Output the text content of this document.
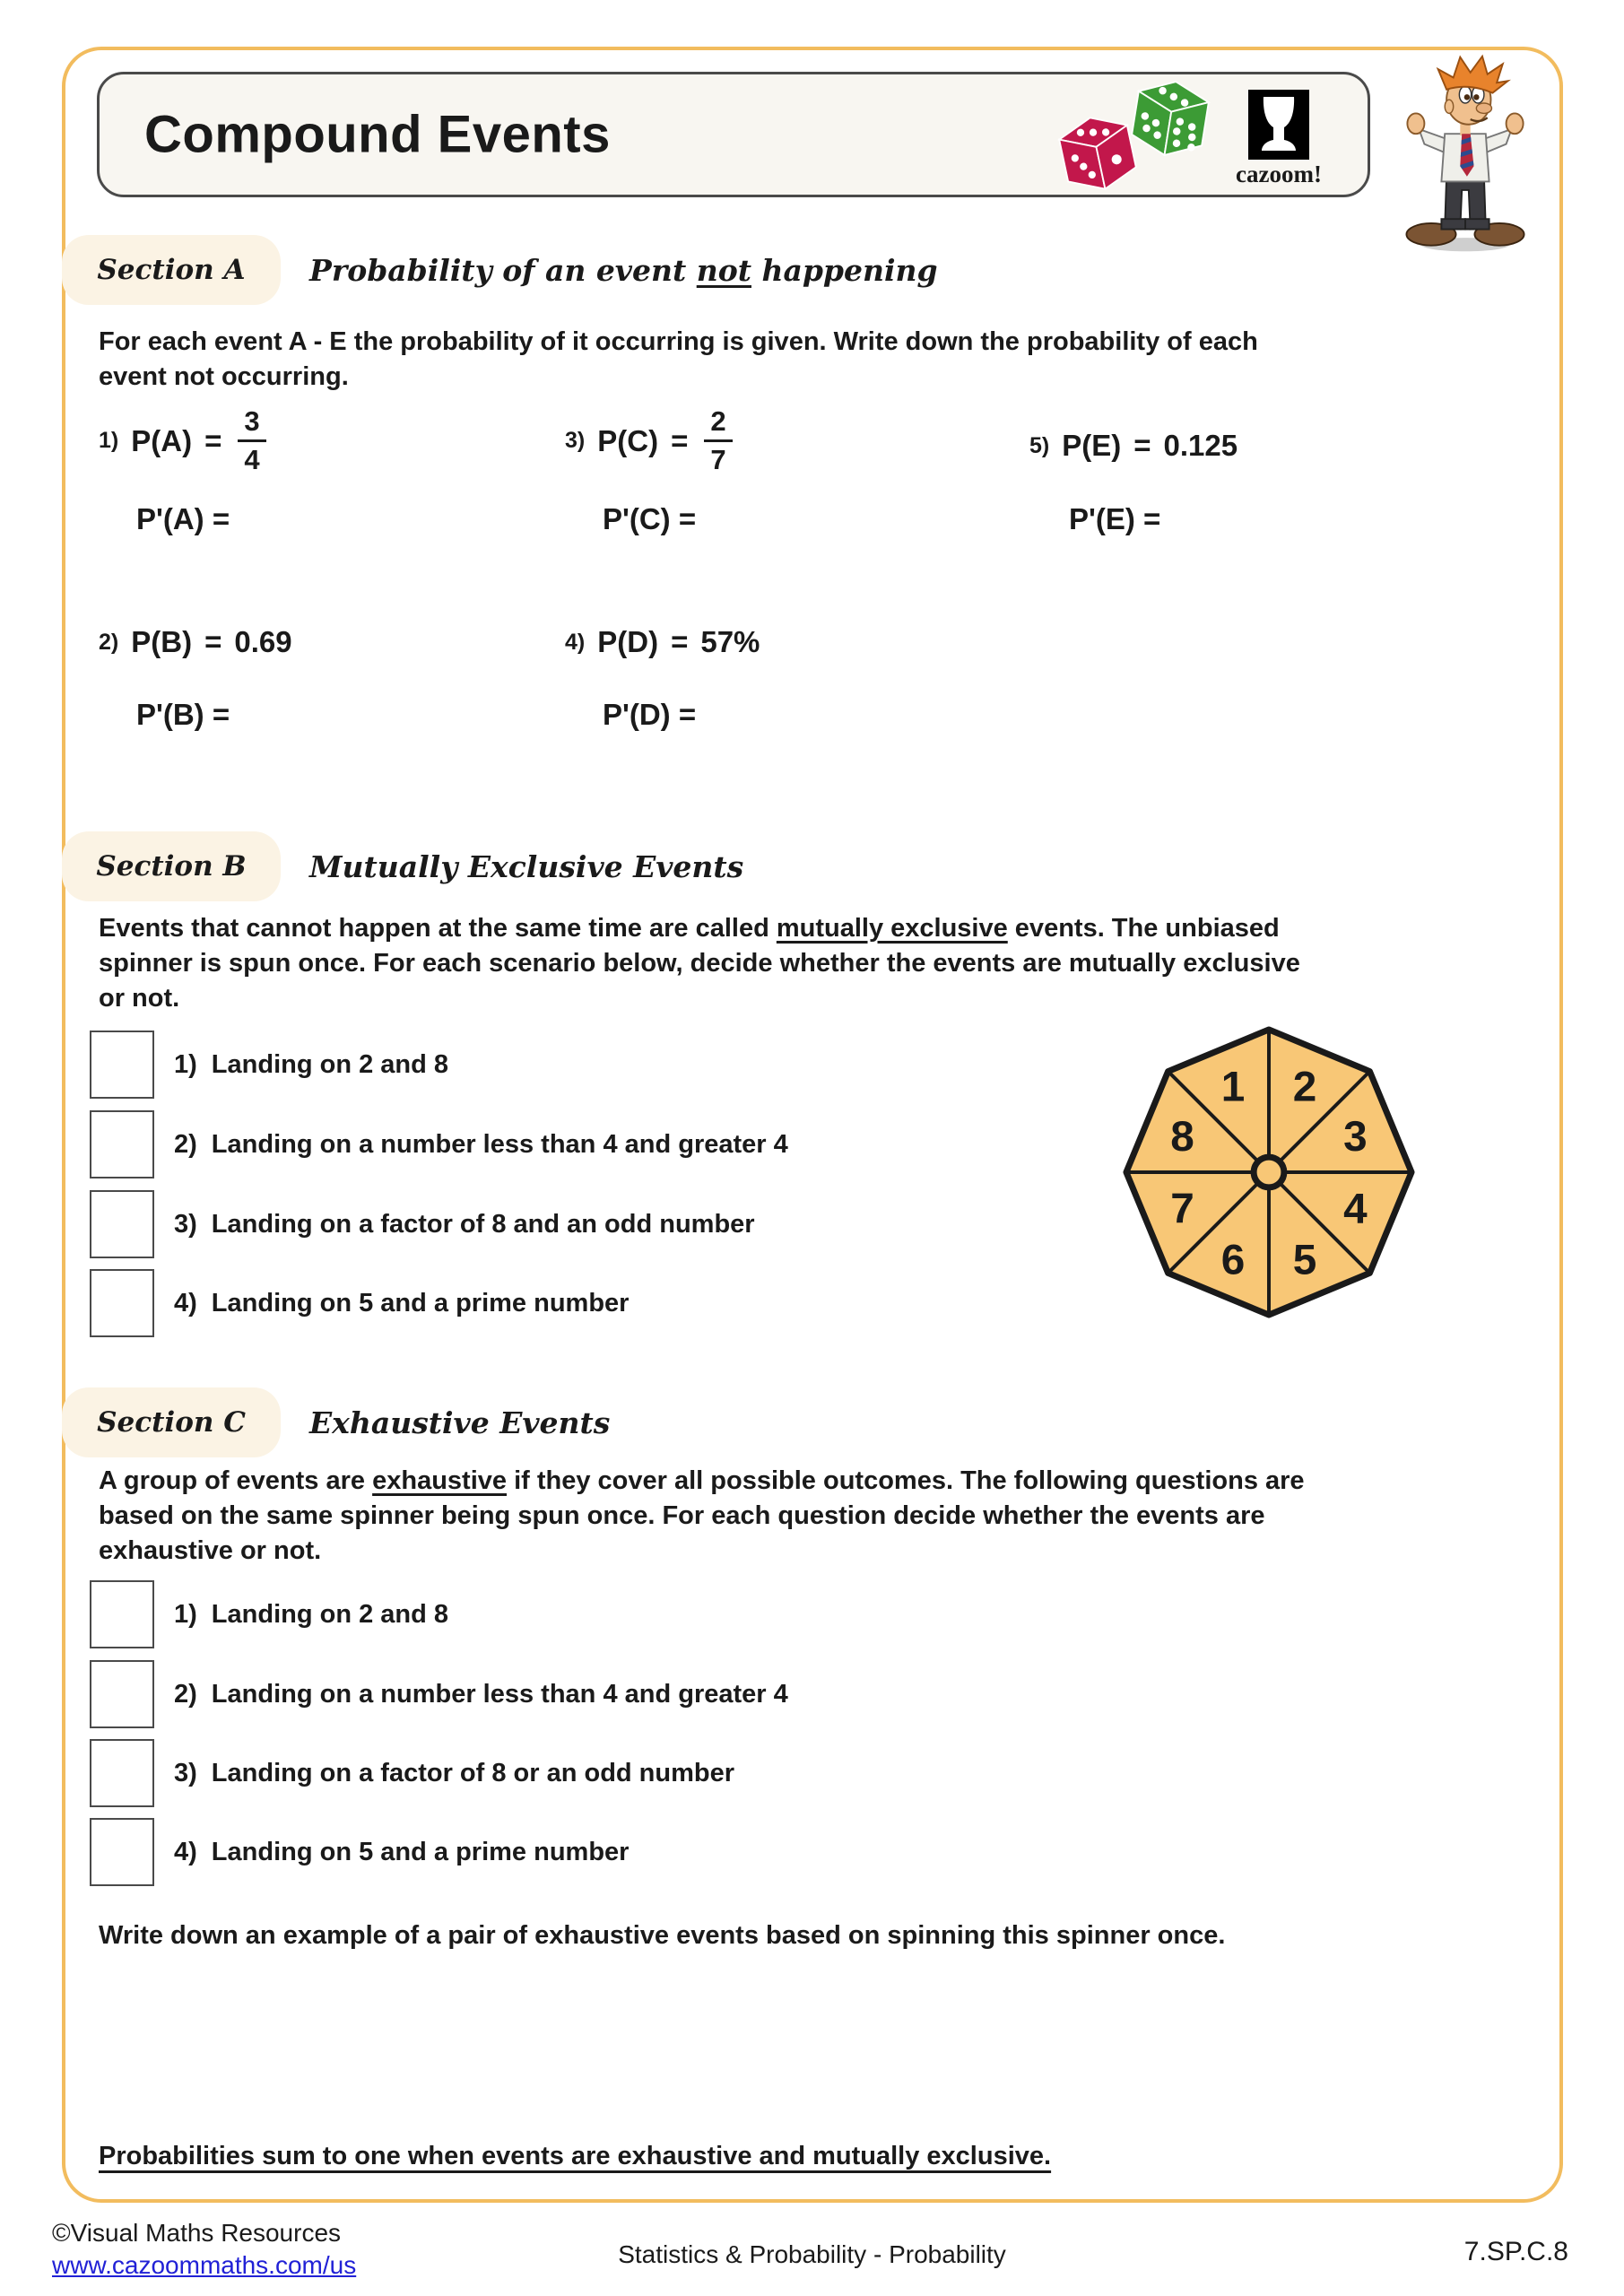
Compound Events
cazoom!
Section A Probability of an event not happening
For each event A - E the probability of it occurring is given. Write down the probability of each
event not occurring.
1) $P(A) = \frac{3}{4}$	3) $P(C) = \frac{2}{7}$	5) P(E) = 0.125
P'(A) =	P'(C) =	P'(E) =
2) P(B) = 0.69	4) P(D) = 57%
P'(B) =	P'(D) =
Section B Mutually Exclusive Events
Events that cannot happen at the same time are called mutually exclusive events. The unbiased
spinner is spun once. For each scenario below, decide whether the events are mutually exclusive
or not.
1) Landing on 2 and 8
2) Landing on a number less than 4 and greater 4
3) Landing on a factor of 8 and an odd number
4) Landing on 5 and a prime number
1 2
3
4
5
6
7
8
Section C Exhaustive Events
A group of events are exhaustive if they cover all possible outcomes. The following questions are
based on the same spinner being spun once. For each question decide whether the events are
exhaustive or not.
1) Landing on 2 and 8
2) Landing on a number less than 4 and greater 4
3) Landing on a factor of 8 or an odd number
4) Landing on 5 and a prime number
Write down an example of a pair of exhaustive events based on spinning this spinner once.
Probabilities sum to one when events are exhaustive and mutually exclusive.
©Visual Maths Resources
www.cazoommaths.com/us	Statistics & Probability - Probability	7.SP.C.8
